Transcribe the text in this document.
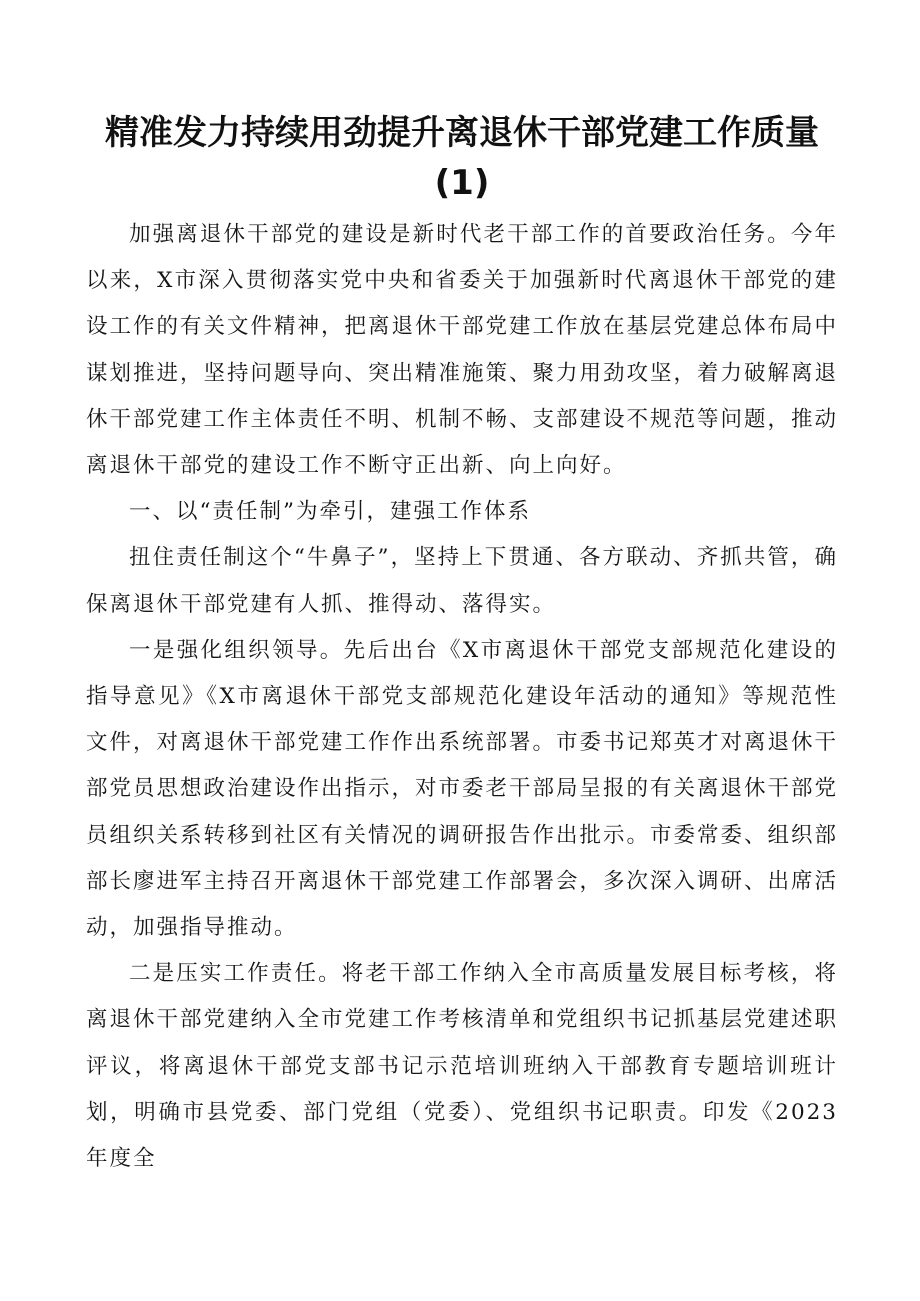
精准发力持续用劲提升离退休干部党建工作质量
(1)

加强离退休干部党的建设是新时代老干部工作的首要政治任务。今年以来，X市深入贯彻落实党中央和省委关于加强新时代离退休干部党的建设工作的有关文件精神，把离退休干部党建工作放在基层党建总体布局中谋划推进，坚持问题导向、突出精准施策、聚力用劲攻坚，着力破解离退休干部党建工作主体责任不明、机制不畅、支部建设不规范等问题，推动离退休干部党的建设工作不断守正出新、向上向好。

一、以“责任制”为牵引，建强工作体系

扭住责任制这个“牛鼻子”，坚持上下贯通、各方联动、齐抓共管，确保离退休干部党建有人抓、推得动、落得实。

一是强化组织领导。先后出台《X市离退休干部党支部规范化建设的指导意见》《X市离退休干部党支部规范化建设年活动的通知》等规范性文件，对离退休干部党建工作作出系统部署。市委书记郑英才对离退休干部党员思想政治建设作出指示，对市委老干部局呈报的有关离退休干部党员组织关系转移到社区有关情况的调研报告作出批示。市委常委、组织部部长廖进军主持召开离退休干部党建工作部署会，多次深入调研、出席活动，加强指导推动。

二是压实工作责任。将老干部工作纳入全市高质量发展目标考核，将离退休干部党建纳入全市党建工作考核清单和党组织书记抓基层党建述职评议，将离退休干部党支部书记示范培训班纳入干部教育专题培训班计划，明确市县党委、部门党组（党委）、党组织书记职责。印发《2023年度全
